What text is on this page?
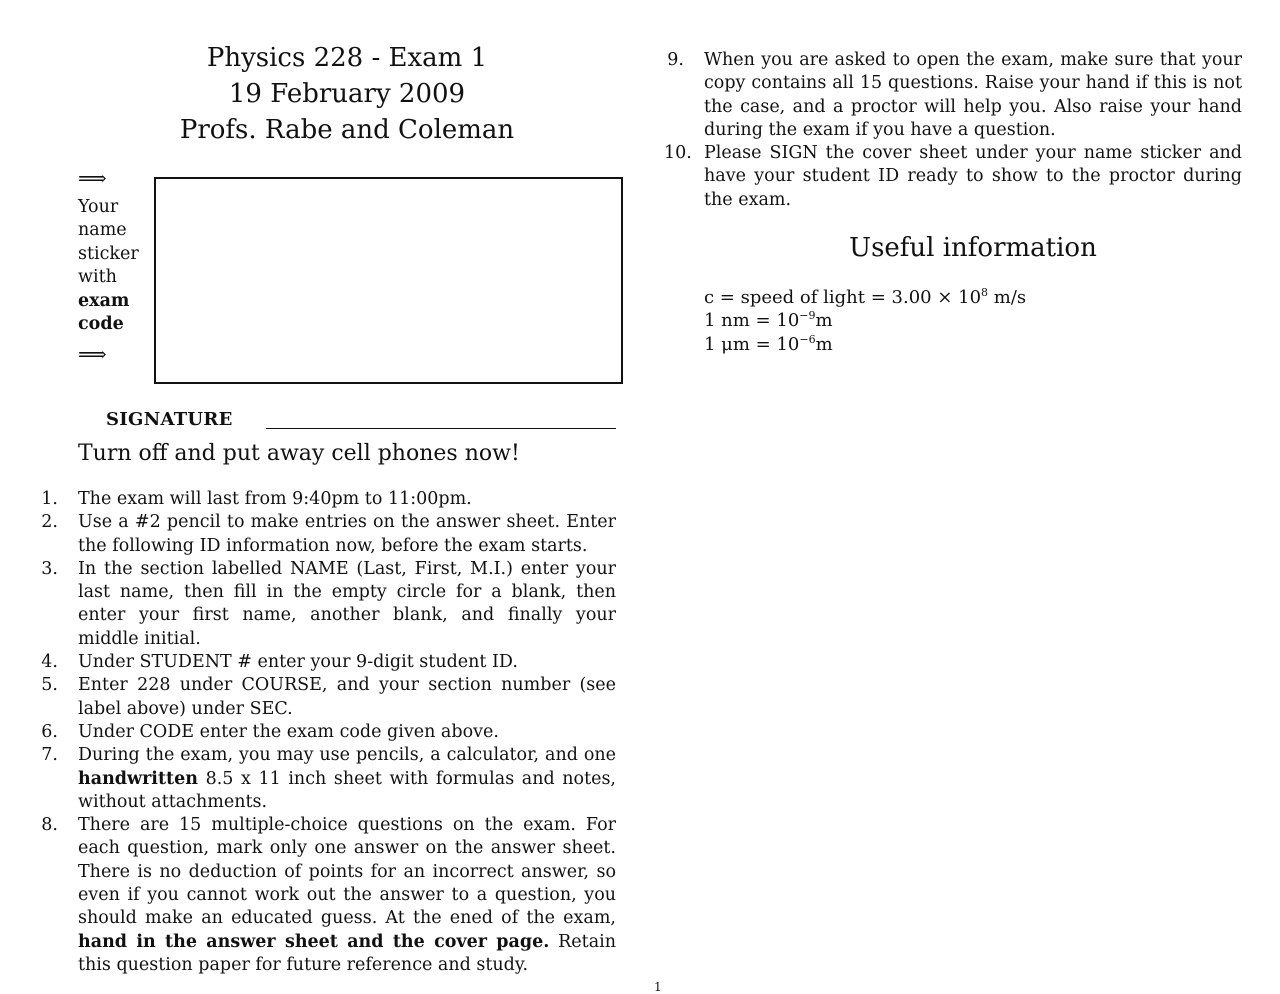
Physics 228 - Exam 1
19 February 2009
Profs. Rabe and Coleman
⟹
Your
name
sticker
with
exam
code
⟹
SIGNATURE
Turn off and put away cell phones now!
1. The exam will last from 9:40pm to 11:00pm.
2. Use a #2 pencil to make entries on the answer sheet. Enter the following ID information now, before the exam starts.
3. In the section labelled NAME (Last, First, M.I.) enter your last name, then fill in the empty circle for a blank, then enter your first name, another blank, and finally your middle initial.
4. Under STUDENT # enter your 9-digit student ID.
5. Enter 228 under COURSE, and your section number (see label above) under SEC.
6. Under CODE enter the exam code given above.
7. During the exam, you may use pencils, a calculator, and one handwritten 8.5 x 11 inch sheet with formulas and notes, without attachments.
8. There are 15 multiple-choice questions on the exam. For each question, mark only one answer on the answer sheet. There is no deduction of points for an incorrect answer, so even if you cannot work out the answer to a question, you should make an educated guess. At the ened of the exam, hand in the answer sheet and the cover page. Retain this question paper for future reference and study.
9. When you are asked to open the exam, make sure that your copy contains all 15 questions. Raise your hand if this is not the case, and a proctor will help you. Also raise your hand during the exam if you have a question.
10. Please SIGN the cover sheet under your name sticker and have your student ID ready to show to the proctor during the exam.
Useful information
c = speed of light = $3.00 \times 10^8$ m/s
1 nm = $10^{-9}m$
1 $\mu m = 10^{-6}m$
1
